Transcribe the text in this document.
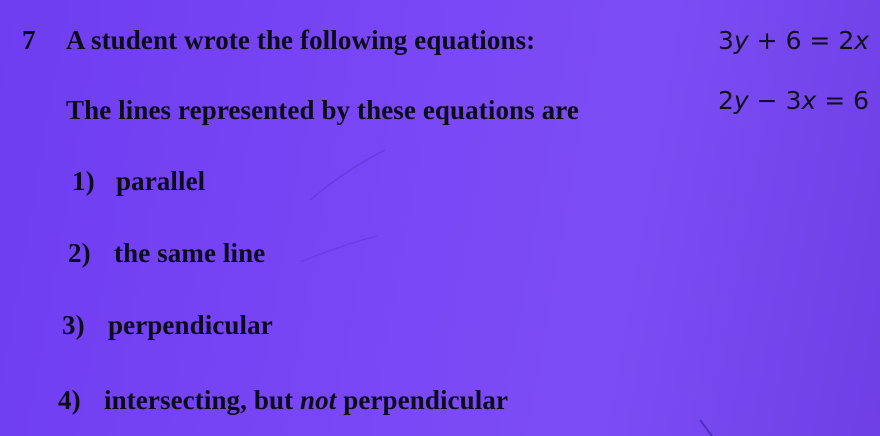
7 A student wrote the following equations:	3y + 6 = 2x
The lines represented by these equations are	2y − 3x = 6
1) parallel
2) the same line
3) perpendicular
4) intersecting, but not perpendicular
